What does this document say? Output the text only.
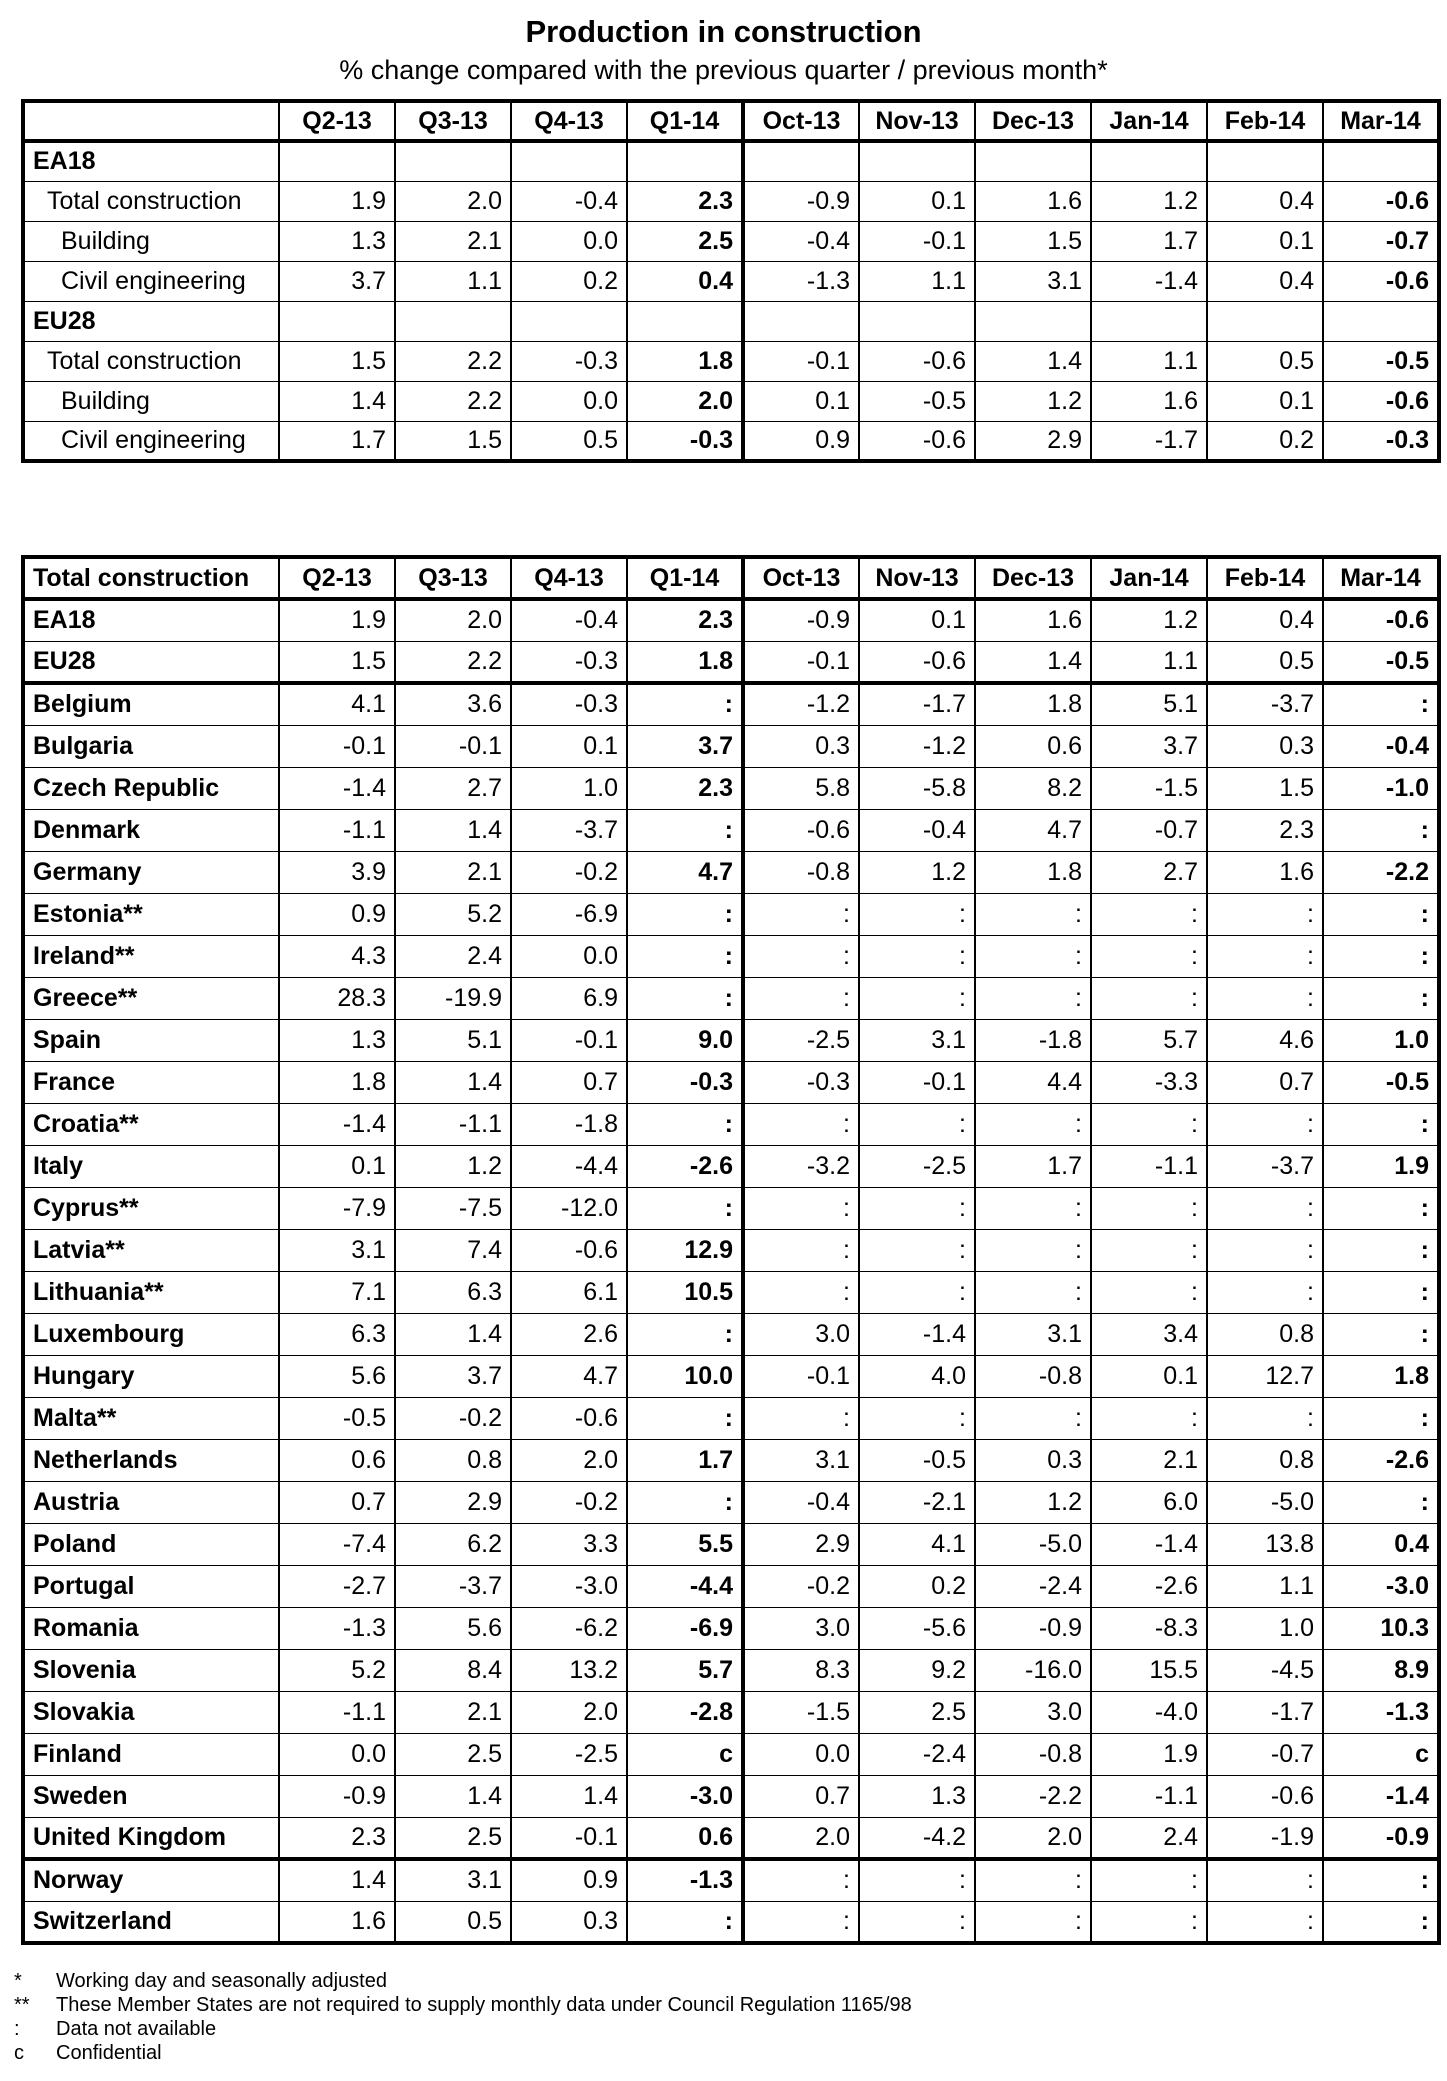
Production in construction
% change compared with the previous quarter / previous month*
	Q2-13	Q3-13	Q4-13	Q1-14	Oct-13	Nov-13	Dec-13	Jan-14	Feb-14	Mar-14
EA18										
Total construction	1.9	2.0	-0.4	2.3	-0.9	0.1	1.6	1.2	0.4	-0.6
Building	1.3	2.1	0.0	2.5	-0.4	-0.1	1.5	1.7	0.1	-0.7
Civil engineering	3.7	1.1	0.2	0.4	-1.3	1.1	3.1	-1.4	0.4	-0.6
EU28										
Total construction	1.5	2.2	-0.3	1.8	-0.1	-0.6	1.4	1.1	0.5	-0.5
Building	1.4	2.2	0.0	2.0	0.1	-0.5	1.2	1.6	0.1	-0.6
Civil engineering	1.7	1.5	0.5	-0.3	0.9	-0.6	2.9	-1.7	0.2	-0.3
Total construction	Q2-13	Q3-13	Q4-13	Q1-14	Oct-13	Nov-13	Dec-13	Jan-14	Feb-14	Mar-14
EA18	1.9	2.0	-0.4	2.3	-0.9	0.1	1.6	1.2	0.4	-0.6
EU28	1.5	2.2	-0.3	1.8	-0.1	-0.6	1.4	1.1	0.5	-0.5
Belgium	4.1	3.6	-0.3	:	-1.2	-1.7	1.8	5.1	-3.7	:
Bulgaria	-0.1	-0.1	0.1	3.7	0.3	-1.2	0.6	3.7	0.3	-0.4
Czech Republic	-1.4	2.7	1.0	2.3	5.8	-5.8	8.2	-1.5	1.5	-1.0
Denmark	-1.1	1.4	-3.7	:	-0.6	-0.4	4.7	-0.7	2.3	:
Germany	3.9	2.1	-0.2	4.7	-0.8	1.2	1.8	2.7	1.6	-2.2
Estonia**	0.9	5.2	-6.9	:	:	:	:	:	:	:
Ireland**	4.3	2.4	0.0	:	:	:	:	:	:	:
Greece**	28.3	-19.9	6.9	:	:	:	:	:	:	:
Spain	1.3	5.1	-0.1	9.0	-2.5	3.1	-1.8	5.7	4.6	1.0
France	1.8	1.4	0.7	-0.3	-0.3	-0.1	4.4	-3.3	0.7	-0.5
Croatia**	-1.4	-1.1	-1.8	:	:	:	:	:	:	:
Italy	0.1	1.2	-4.4	-2.6	-3.2	-2.5	1.7	-1.1	-3.7	1.9
Cyprus**	-7.9	-7.5	-12.0	:	:	:	:	:	:	:
Latvia**	3.1	7.4	-0.6	12.9	:	:	:	:	:	:
Lithuania**	7.1	6.3	6.1	10.5	:	:	:	:	:	:
Luxembourg	6.3	1.4	2.6	:	3.0	-1.4	3.1	3.4	0.8	:
Hungary	5.6	3.7	4.7	10.0	-0.1	4.0	-0.8	0.1	12.7	1.8
Malta**	-0.5	-0.2	-0.6	:	:	:	:	:	:	:
Netherlands	0.6	0.8	2.0	1.7	3.1	-0.5	0.3	2.1	0.8	-2.6
Austria	0.7	2.9	-0.2	:	-0.4	-2.1	1.2	6.0	-5.0	:
Poland	-7.4	6.2	3.3	5.5	2.9	4.1	-5.0	-1.4	13.8	0.4
Portugal	-2.7	-3.7	-3.0	-4.4	-0.2	0.2	-2.4	-2.6	1.1	-3.0
Romania	-1.3	5.6	-6.2	-6.9	3.0	-5.6	-0.9	-8.3	1.0	10.3
Slovenia	5.2	8.4	13.2	5.7	8.3	9.2	-16.0	15.5	-4.5	8.9
Slovakia	-1.1	2.1	2.0	-2.8	-1.5	2.5	3.0	-4.0	-1.7	-1.3
Finland	0.0	2.5	-2.5	c	0.0	-2.4	-0.8	1.9	-0.7	c
Sweden	-0.9	1.4	1.4	-3.0	0.7	1.3	-2.2	-1.1	-0.6	-1.4
United Kingdom	2.3	2.5	-0.1	0.6	2.0	-4.2	2.0	2.4	-1.9	-0.9
Norway	1.4	3.1	0.9	-1.3	:	:	:	:	:	:
Switzerland	1.6	0.5	0.3	:	:	:	:	:	:	:
*	Working day and seasonally adjusted
**	These Member States are not required to supply monthly data under Council Regulation 1165/98
:	Data not available
c	Confidential
